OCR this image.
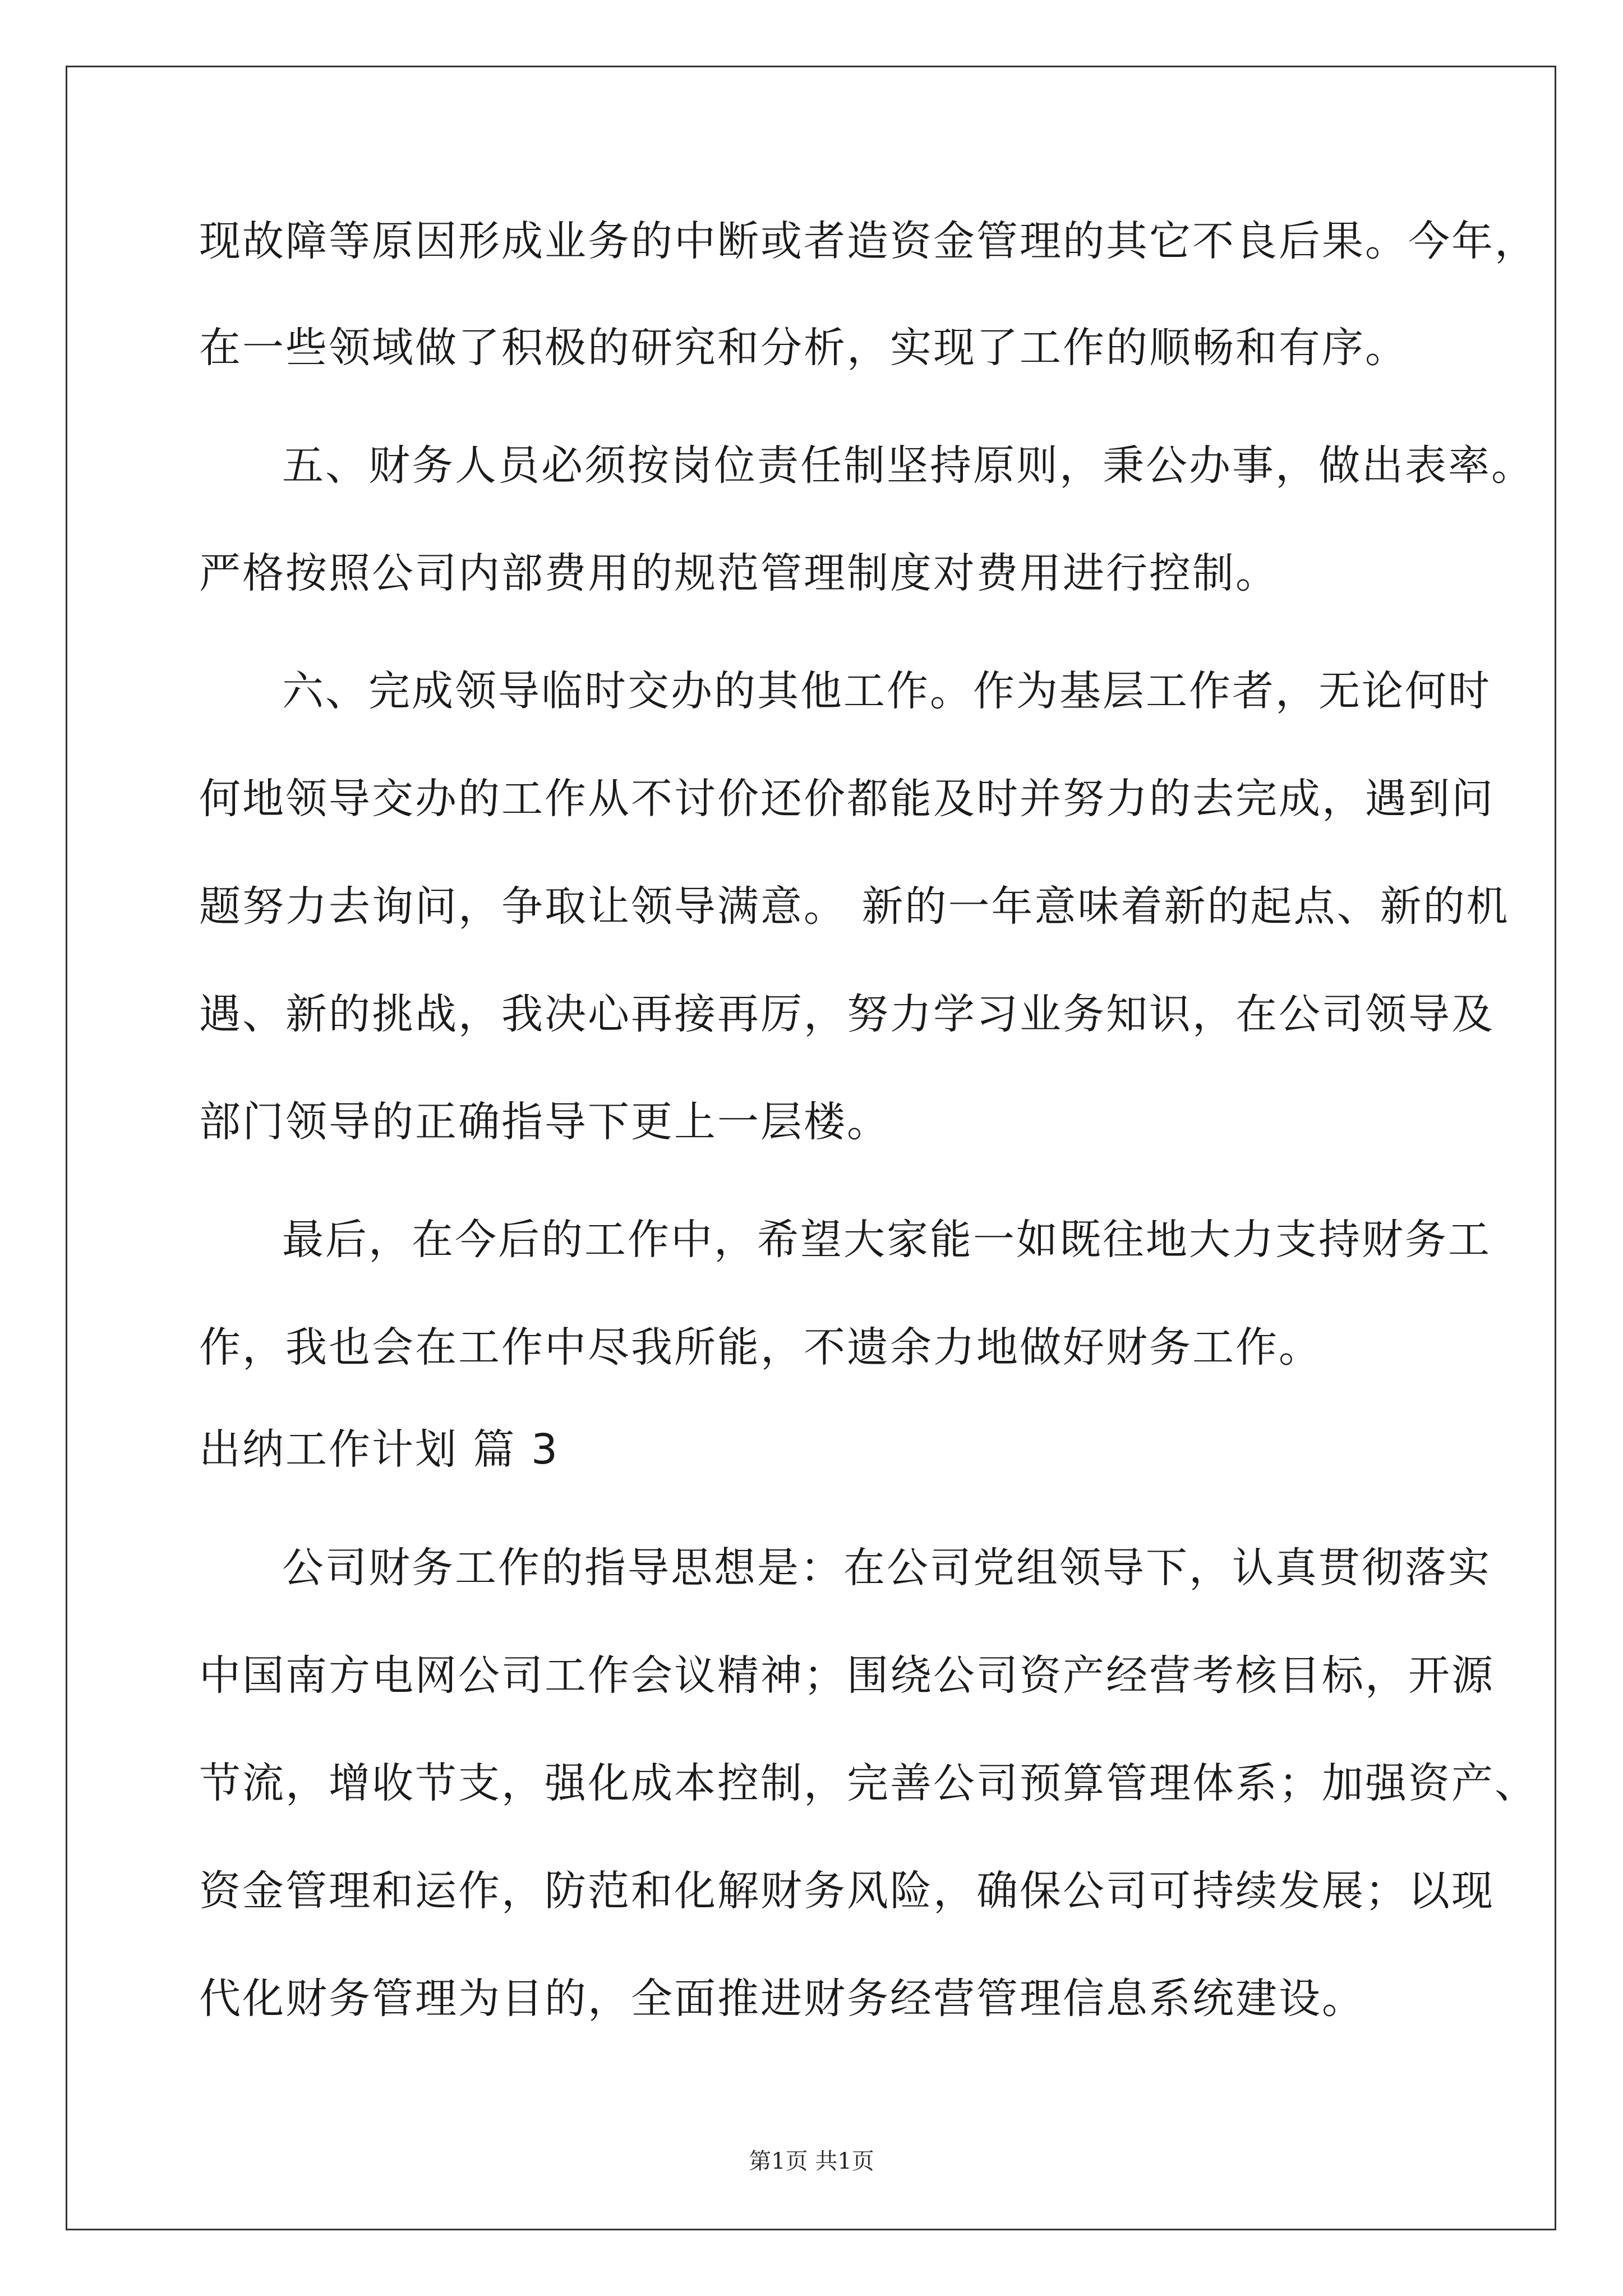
现故障等原因形成业务的中断或者造资金管理的其它不良后果。今年，
在一些领域做了积极的研究和分析，实现了工作的顺畅和有序。
五、财务人员必须按岗位责任制坚持原则，秉公办事，做出表率。
严格按照公司内部费用的规范管理制度对费用进行控制。
六、完成领导临时交办的其他工作。作为基层工作者，无论何时
何地领导交办的工作从不讨价还价都能及时并努力的去完成，遇到问
题努力去询问，争取让领导满意。 新的一年意味着新的起点、新的机
遇、新的挑战，我决心再接再厉，努力学习业务知识，在公司领导及
部门领导的正确指导下更上一层楼。
最后，在今后的工作中，希望大家能一如既往地大力支持财务工
作，我也会在工作中尽我所能，不遗余力地做好财务工作。
出纳工作计划 篇 3
公司财务工作的指导思想是：在公司党组领导下，认真贯彻落实
中国南方电网公司工作会议精神；围绕公司资产经营考核目标，开源
节流，增收节支，强化成本控制，完善公司预算管理体系；加强资产、
资金管理和运作，防范和化解财务风险，确保公司可持续发展；以现
代化财务管理为目的，全面推进财务经营管理信息系统建设。
第1页 共1页
